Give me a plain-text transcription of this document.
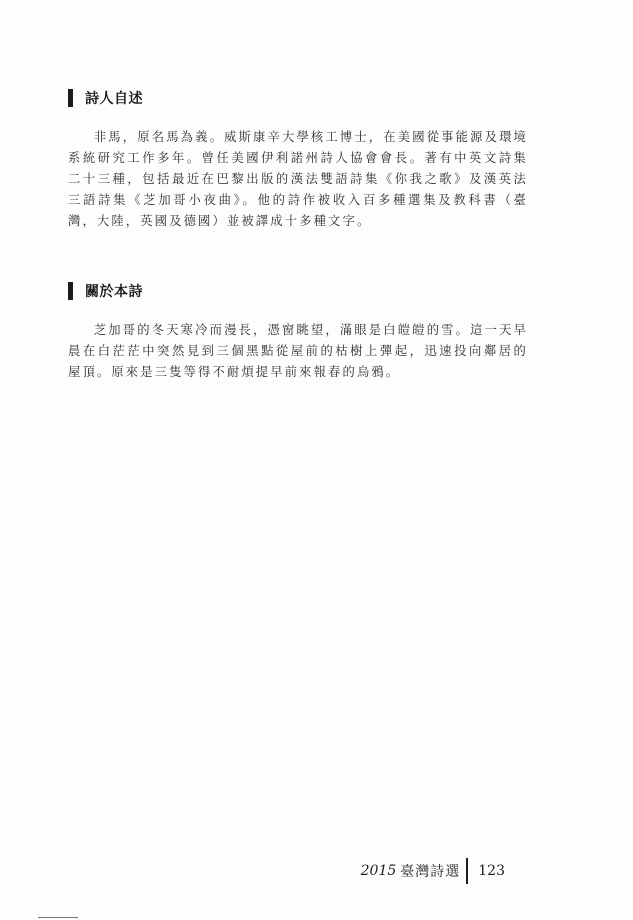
詩人自述

非馬，原名馬為義。威斯康辛大學核工博士，在美國從事能源及環境系統研究工作多年。曾任美國伊利諾州詩人協會會長。著有中英文詩集二十三種，包括最近在巴黎出版的漢法雙語詩集《你我之歌》及漢英法三語詩集《芝加哥小夜曲》。他的詩作被收入百多種選集及教科書（臺灣，大陸，英國及德國）並被譯成十多種文字。

關於本詩

芝加哥的冬天寒冷而漫長，憑窗眺望，滿眼是白皚皚的雪。這一天早晨在白茫茫中突然見到三個黑點從屋前的枯樹上彈起，迅速投向鄰居的屋頂。原來是三隻等得不耐煩提早前來報春的烏鴉。

2015 臺灣詩選 123
